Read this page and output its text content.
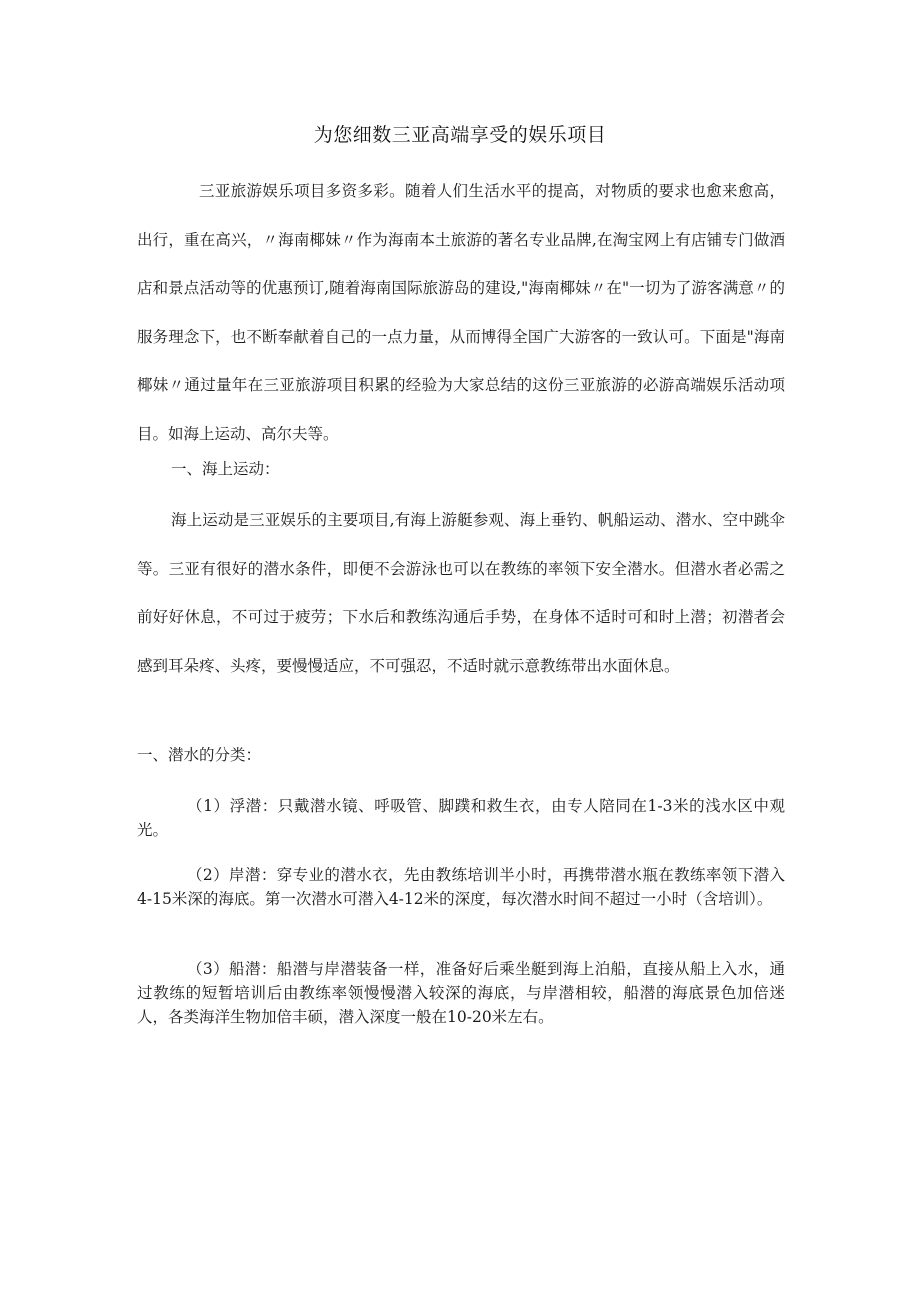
为您细数三亚高端享受的娱乐项目

三亚旅游娱乐项目多资多彩。随着人们生活水平的提高，对物质的要求也愈来愈高，出行，重在高兴，〃海南椰妹〃作为海南本土旅游的著名专业品牌,在淘宝网上有店铺专门做酒店和景点活动等的优惠预订,随着海南国际旅游岛的建设,"海南椰妹〃在"一切为了游客满意〃的服务理念下，也不断奉献着自己的一点力量，从而博得全国广大游客的一致认可。下面是"海南椰妹〃通过量年在三亚旅游项目积累的经验为大家总结的这份三亚旅游的必游高端娱乐活动项目。如海上运动、高尔夫等。

一、海上运动：

海上运动是三亚娱乐的主要项目,有海上游艇参观、海上垂钓、帆船运动、潜水、空中跳伞等。三亚有很好的潜水条件，即便不会游泳也可以在教练的率领下安全潜水。但潜水者必需之前好好休息，不可过于疲劳；下水后和教练沟通后手势，在身体不适时可和时上潜；初潜者会感到耳朵疼、头疼，要慢慢适应，不可强忍，不适时就示意教练带出水面休息。

一、潜水的分类：

（1）浮潜：只戴潜水镜、呼吸管、脚蹼和救生衣，由专人陪同在1-3米的浅水区中观光。

（2）岸潜：穿专业的潜水衣，先由教练培训半小时，再携带潜水瓶在教练率领下潜入4-15米深的海底。第一次潜水可潜入4-12米的深度，每次潜水时间不超过一小时（含培训）。

（3）船潜：船潜与岸潜装备一样，准备好后乘坐艇到海上泊船，直接从船上入水，通过教练的短暂培训后由教练率领慢慢潜入较深的海底，与岸潜相较，船潜的海底景色加倍迷人，各类海洋生物加倍丰硕，潜入深度一般在10-20米左右。
